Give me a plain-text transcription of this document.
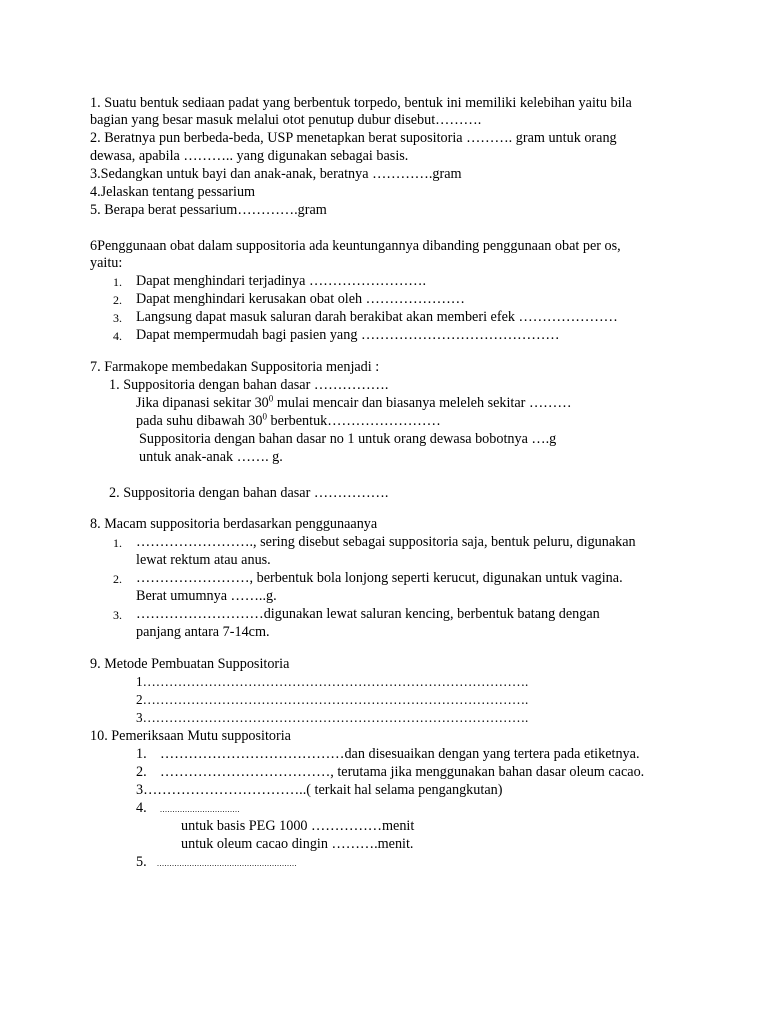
1. Suatu bentuk sediaan padat yang berbentuk torpedo, bentuk ini memiliki kelebihan yaitu bila
bagian yang besar masuk melalui otot penutup dubur disebut……….
2. Beratnya pun berbeda-beda, USP menetapkan berat supositoria ………. gram untuk orang
dewasa, apabila ……….. yang digunakan sebagai basis.
3.Sedangkan untuk bayi dan anak-anak, beratnya ………….gram
4.Jelaskan tentang pessarium
5. Berapa berat pessarium………….gram
6Penggunaan obat dalam suppositoria ada keuntungannya dibanding penggunaan obat per os,
yaitu:
1. Dapat menghindari terjadinya …………………….
2. Dapat menghindari kerusakan obat oleh …………………
3. Langsung dapat masuk saluran darah berakibat akan memberi efek …………………
4. Dapat mempermudah bagi pasien yang ……………………………………
7. Farmakope membedakan Suppositoria menjadi :
1. Suppositoria dengan bahan dasar …………….
Jika dipanasi sekitar $30^0$ mulai mencair dan biasanya meleleh sekitar ………
pada suhu dibawah $30^0$ berbentuk……………………
Suppositoria dengan bahan dasar no 1 untuk orang dewasa bobotnya ….g
untuk anak-anak ……. g.
2. Suppositoria dengan bahan dasar …………….
8. Macam suppositoria berdasarkan penggunaanya
1. ……………………., sering disebut sebagai suppositoria saja, bentuk peluru, digunakan
lewat rektum atau anus.
2. ……………………, berbentuk bola lonjong seperti kerucut, digunakan untuk vagina.
Berat umumnya ……..g.
3. ………………………digunakan lewat saluran kencing, berbentuk batang dengan
panjang antara 7-14cm.
9. Metode Pembuatan Suppositoria
1…………………………………………………………………………….
2…………………………………………………………………………….
3…………………………………………………………………………….
10. Pemeriksaan Mutu suppositoria
1. …………………………………dan disesuaikan dengan yang tertera pada etiketnya.
2. ………………………………, terutama jika menggunakan bahan dasar oleum cacao.
3……………………………..( terkait hal selama pengangkutan)
4. ................................
untuk basis PEG 1000 ……………menit
untuk oleum cacao dingin ……….menit.
5. ........................................................
